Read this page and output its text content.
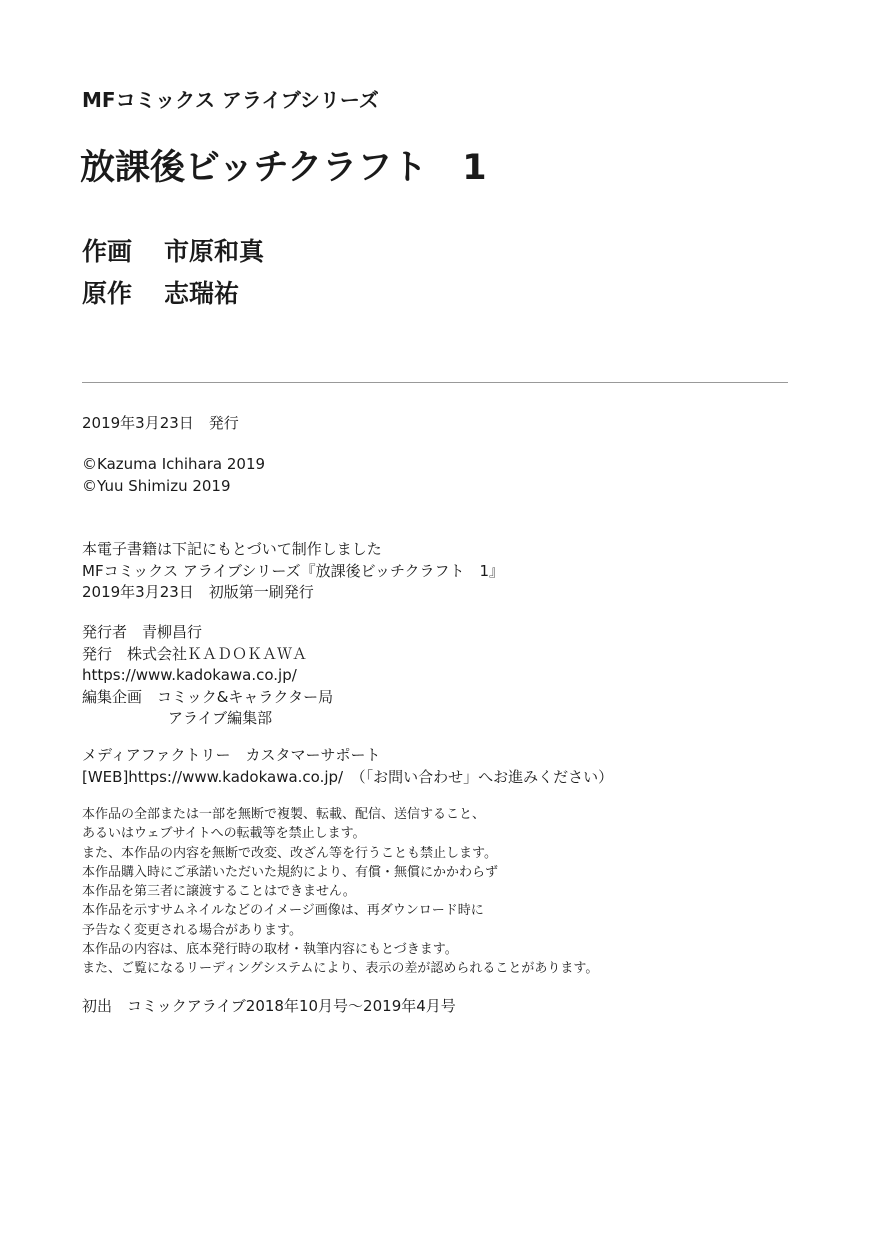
MFコミックス アライブシリーズ
放課後ビッチクラフト　1
作画 市原和真
原作 志瑞祐
2019年3月23日　発行
©Kazuma Ichihara 2019
©Yuu Shimizu 2019
本電子書籍は下記にもとづいて制作しました
MFコミックス アライブシリーズ『放課後ビッチクラフト　1』
2019年3月23日　初版第一刷発行
発行者　青柳昌行
発行　株式会社ＫＡＤＯＫＡＷＡ
https://www.kadokawa.co.jp/
編集企画　コミック&キャラクター局
アライブ編集部
メディアファクトリー　カスタマーサポート
[WEB]https://www.kadokawa.co.jp/　（「お問い合わせ」へお進みください）
本作品の全部または一部を無断で複製、転載、配信、送信すること、
あるいはウェブサイトへの転載等を禁止します。
また、本作品の内容を無断で改変、改ざん等を行うことも禁止します。
本作品購入時にご承諾いただいた規約により、有償・無償にかかわらず
本作品を第三者に譲渡することはできません。
本作品を示すサムネイルなどのイメージ画像は、再ダウンロード時に
予告なく変更される場合があります。
本作品の内容は、底本発行時の取材・執筆内容にもとづきます。
また、ご覧になるリーディングシステムにより、表示の差が認められることがあります。
初出　コミックアライブ2018年10月号〜2019年4月号
